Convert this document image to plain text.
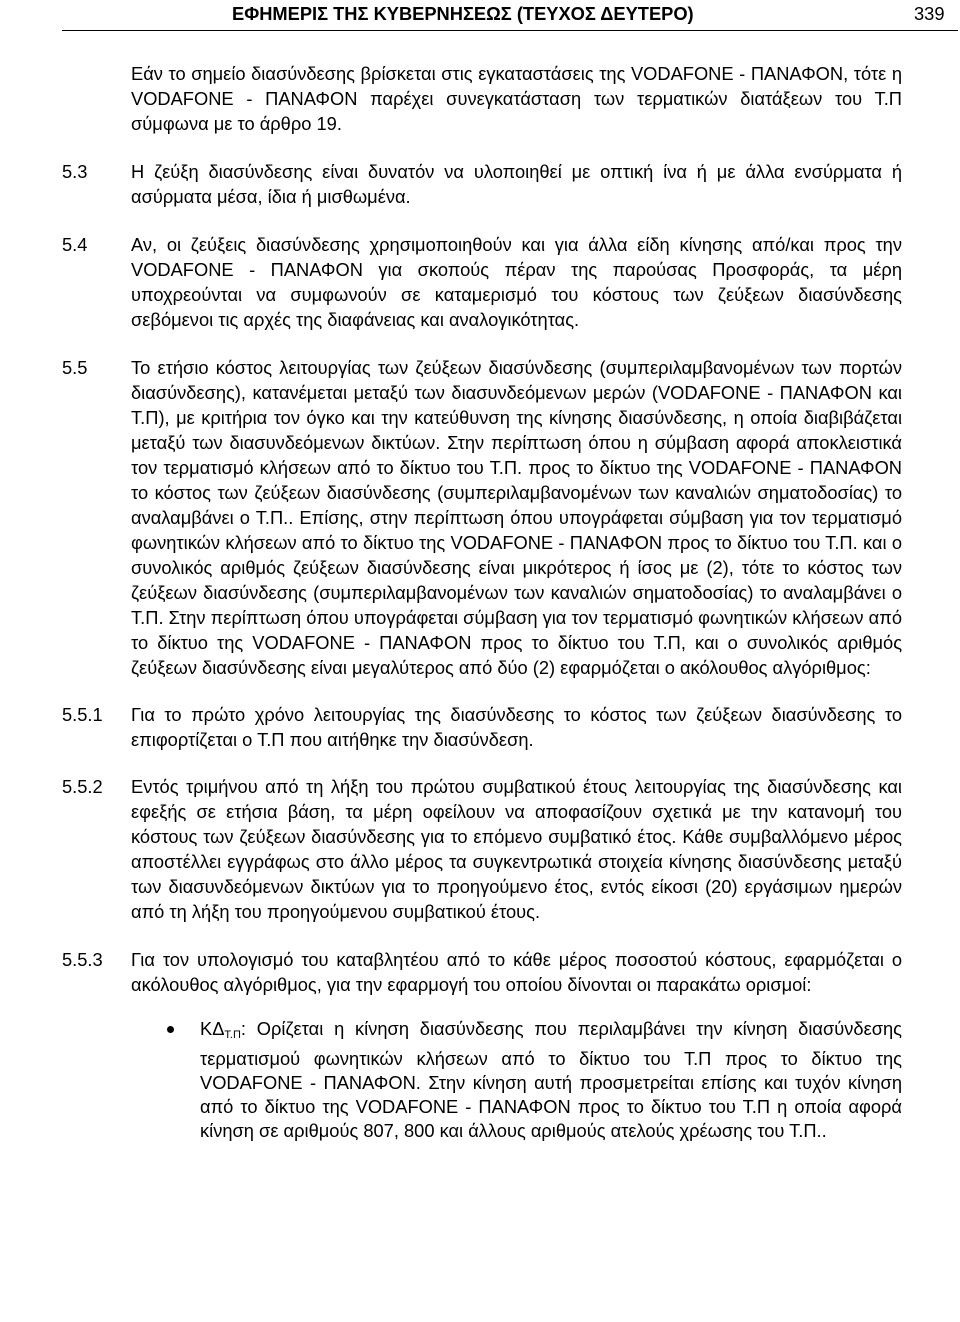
ΕΦΗΜΕΡΙΣ ΤΗΣ ΚΥΒΕΡΝΗΣΕΩΣ (ΤΕΥΧΟΣ ΔΕΥΤΕΡΟ)	339

Εάν το σημείο διασύνδεσης βρίσκεται στις εγκαταστάσεις της VODAFONE - ΠΑΝΑΦΟΝ, τότε η VODAFONE - ΠΑΝΑΦΟΝ παρέχει συνεγκατάσταση των τερματικών διατάξεων του Τ.Π σύμφωνα με το άρθρο 19.

5.3 Η ζεύξη διασύνδεσης είναι δυνατόν να υλοποιηθεί με οπτική ίνα ή με άλλα ενσύρματα ή ασύρματα μέσα, ίδια ή μισθωμένα.

5.4 Αν, οι ζεύξεις διασύνδεσης χρησιμοποιηθούν και για άλλα είδη κίνησης από/και προς την VODAFONE - ΠΑΝΑΦΟΝ για σκοπούς πέραν της παρούσας Προσφοράς, τα μέρη υποχρεούνται να συμφωνούν σε καταμερισμό του κόστους των ζεύξεων διασύνδεσης σεβόμενοι τις αρχές της διαφάνειας και αναλογικότητας.

5.5 Το ετήσιο κόστος λειτουργίας των ζεύξεων διασύνδεσης (συμπεριλαμβανομένων των πορτών διασύνδεσης), κατανέμεται μεταξύ των διασυνδεόμενων μερών (VODAFONE - ΠΑΝΑΦΟΝ και Τ.Π), με κριτήρια τον όγκο και την κατεύθυνση της κίνησης διασύνδεσης, η οποία διαβιβάζεται μεταξύ των διασυνδεόμενων δικτύων. Στην περίπτωση όπου η σύμβαση αφορά αποκλειστικά τον τερματισμό κλήσεων από το δίκτυο του Τ.Π. προς το δίκτυο της VODAFONE - ΠΑΝΑΦΟΝ το κόστος των ζεύξεων διασύνδεσης (συμπεριλαμβανομένων των καναλιών σηματοδοσίας) το αναλαμβάνει ο Τ.Π.. Επίσης, στην περίπτωση όπου υπογράφεται σύμβαση για τον τερματισμό φωνητικών κλήσεων από το δίκτυο της VODAFONE - ΠΑΝΑΦΟΝ προς το δίκτυο του Τ.Π. και ο συνολικός αριθμός ζεύξεων διασύνδεσης είναι μικρότερος ή ίσος με (2), τότε το κόστος των ζεύξεων διασύνδεσης (συμπεριλαμβανομένων των καναλιών σηματοδοσίας) το αναλαμβάνει ο Τ.Π. Στην περίπτωση όπου υπογράφεται σύμβαση για τον τερματισμό φωνητικών κλήσεων από το δίκτυο της VODAFONE - ΠΑΝΑΦΟΝ προς το δίκτυο του Τ.Π, και ο συνολικός αριθμός ζεύξεων διασύνδεσης είναι μεγαλύτερος από δύο (2) εφαρμόζεται ο ακόλουθος αλγόριθμος:

5.5.1 Για το πρώτο χρόνο λειτουργίας της διασύνδεσης το κόστος των ζεύξεων διασύνδεσης το επιφορτίζεται ο Τ.Π που αιτήθηκε την διασύνδεση.

5.5.2 Εντός τριμήνου από τη λήξη του πρώτου συμβατικού έτους λειτουργίας της διασύνδεσης και εφεξής σε ετήσια βάση, τα μέρη οφείλουν να αποφασίζουν σχετικά με την κατανομή του κόστους των ζεύξεων διασύνδεσης για το επόμενο συμβατικό έτος. Κάθε συμβαλλόμενο μέρος αποστέλλει εγγράφως στο άλλο μέρος τα συγκεντρωτικά στοιχεία κίνησης διασύνδεσης μεταξύ των διασυνδεόμενων δικτύων για το προηγούμενο έτος, εντός είκοσι (20) εργάσιμων ημερών από τη λήξη του προηγούμενου συμβατικού έτους.

5.5.3 Για τον υπολογισμό του καταβλητέου από το κάθε μέρος ποσοστού κόστους, εφαρμόζεται ο ακόλουθος αλγόριθμος, για την εφαρμογή του οποίου δίνονται οι παρακάτω ορισμοί:

ΚΔΤ.Π: Ορίζεται η κίνηση διασύνδεσης που περιλαμβάνει την κίνηση διασύνδεσης τερματισμού φωνητικών κλήσεων από το δίκτυο του Τ.Π προς το δίκτυο της VODAFONE - ΠΑΝΑΦΟΝ. Στην κίνηση αυτή προσμετρείται επίσης και τυχόν κίνηση από το δίκτυο της VODAFONE - ΠΑΝΑΦΟΝ προς το δίκτυο του Τ.Π η οποία αφορά κίνηση σε αριθμούς 807, 800 και άλλους αριθμούς ατελούς χρέωσης του Τ.Π..
